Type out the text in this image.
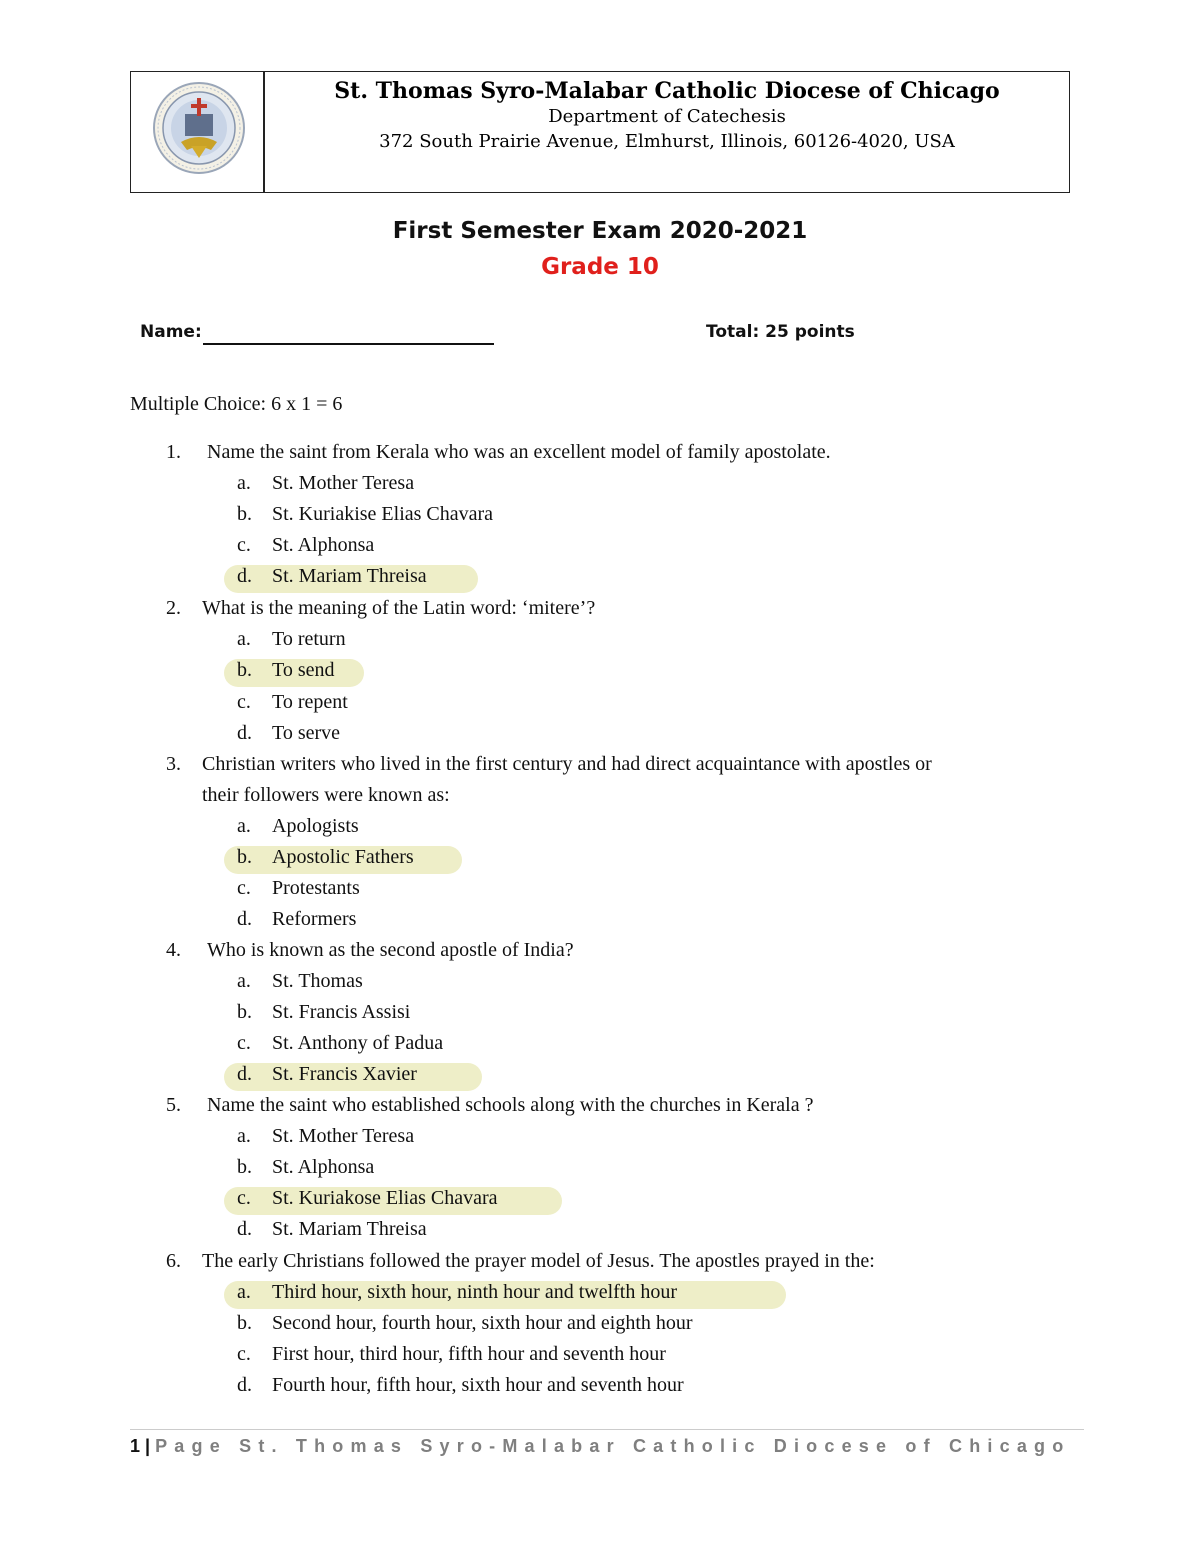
St. Thomas Syro-Malabar Catholic Diocese of Chicago
Department of Catechesis
372 South Prairie Avenue, Elmhurst, Illinois, 60126-4020, USA
First Semester Exam 2020-2021
Grade 10
Name:	Total: 25 points
Multiple Choice: 6 x 1 = 6
1. Name the saint from Kerala who was an excellent model of family apostolate.
a. St. Mother Teresa
b. St. Kuriakise Elias Chavara
c. St. Alphonsa
d. St. Mariam Threisa
2. What is the meaning of the Latin word: ‘mitere’?
a. To return
b. To send
c. To repent
d. To serve
3. Christian writers who lived in the first century and had direct acquaintance with apostles or
their followers were known as:
a. Apologists
b. Apostolic Fathers
c. Protestants
d. Reformers
4. Who is known as the second apostle of India?
a. St. Thomas
b. St. Francis Assisi
c. St. Anthony of Padua
d. St. Francis Xavier
5. Name the saint who established schools along with the churches in Kerala ?
a. St. Mother Teresa
b. St. Alphonsa
c. St. Kuriakose Elias Chavara
d. St. Mariam Threisa
6. The early Christians followed the prayer model of Jesus. The apostles prayed in the:
a. Third hour, sixth hour, ninth hour and twelfth hour
b. Second hour, fourth hour, sixth hour and eighth hour
c. First hour, third hour, fifth hour and seventh hour
d. Fourth hour, fifth hour, sixth hour and seventh hour
1 | Page St. Thomas Syro-Malabar Catholic Diocese of Chicago
